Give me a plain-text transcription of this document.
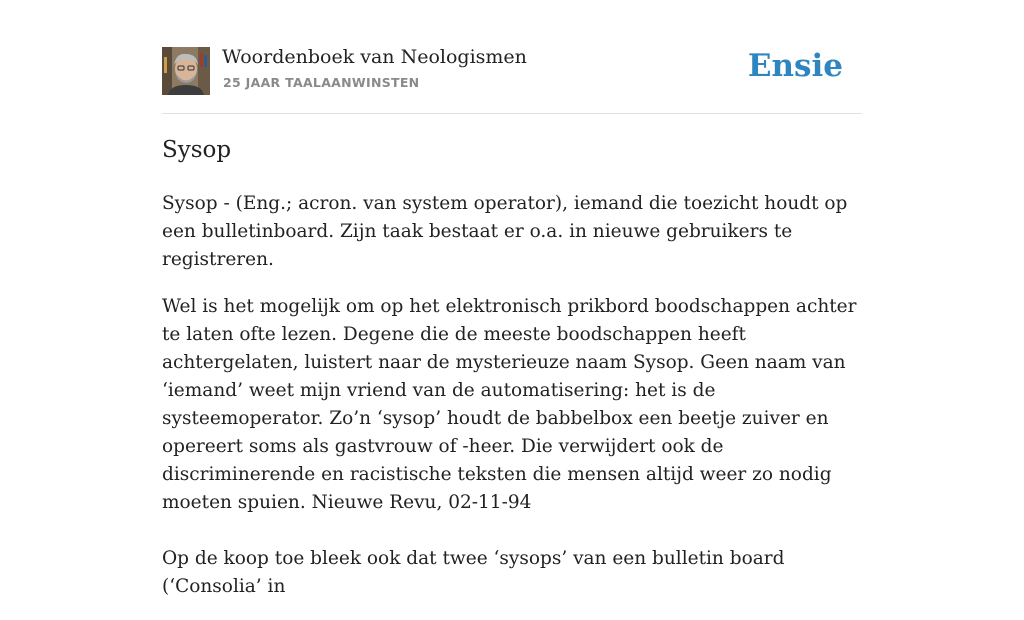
Woordenboek van Neologismen
25 JAAR TAALAANWINSTEN	Ensie
Sysop

Sysop - (Eng.; acron. van system operator), iemand die toezicht houdt op een bulletinboard. Zijn taak bestaat er o.a. in nieuwe gebruikers te registreren.

Wel is het mogelijk om op het elektronisch prikbord boodschappen achter te laten ofte lezen. Degene die de meeste boodschappen heeft achtergelaten, luistert naar de mysterieuze naam Sysop. Geen naam van ‘iemand’ weet mijn vriend van de automatisering: het is de systeemoperator. Zo’n ‘sysop’ houdt de babbelbox een beetje zuiver en opereert soms als gastvrouw of -heer. Die verwijdert ook de discriminerende en racistische teksten die mensen altijd weer zo nodig moeten spuien. Nieuwe Revu, 02-11-94

Op de koop toe bleek ook dat twee ‘sysops’ van een bulletin board (‘Consolia’ in
